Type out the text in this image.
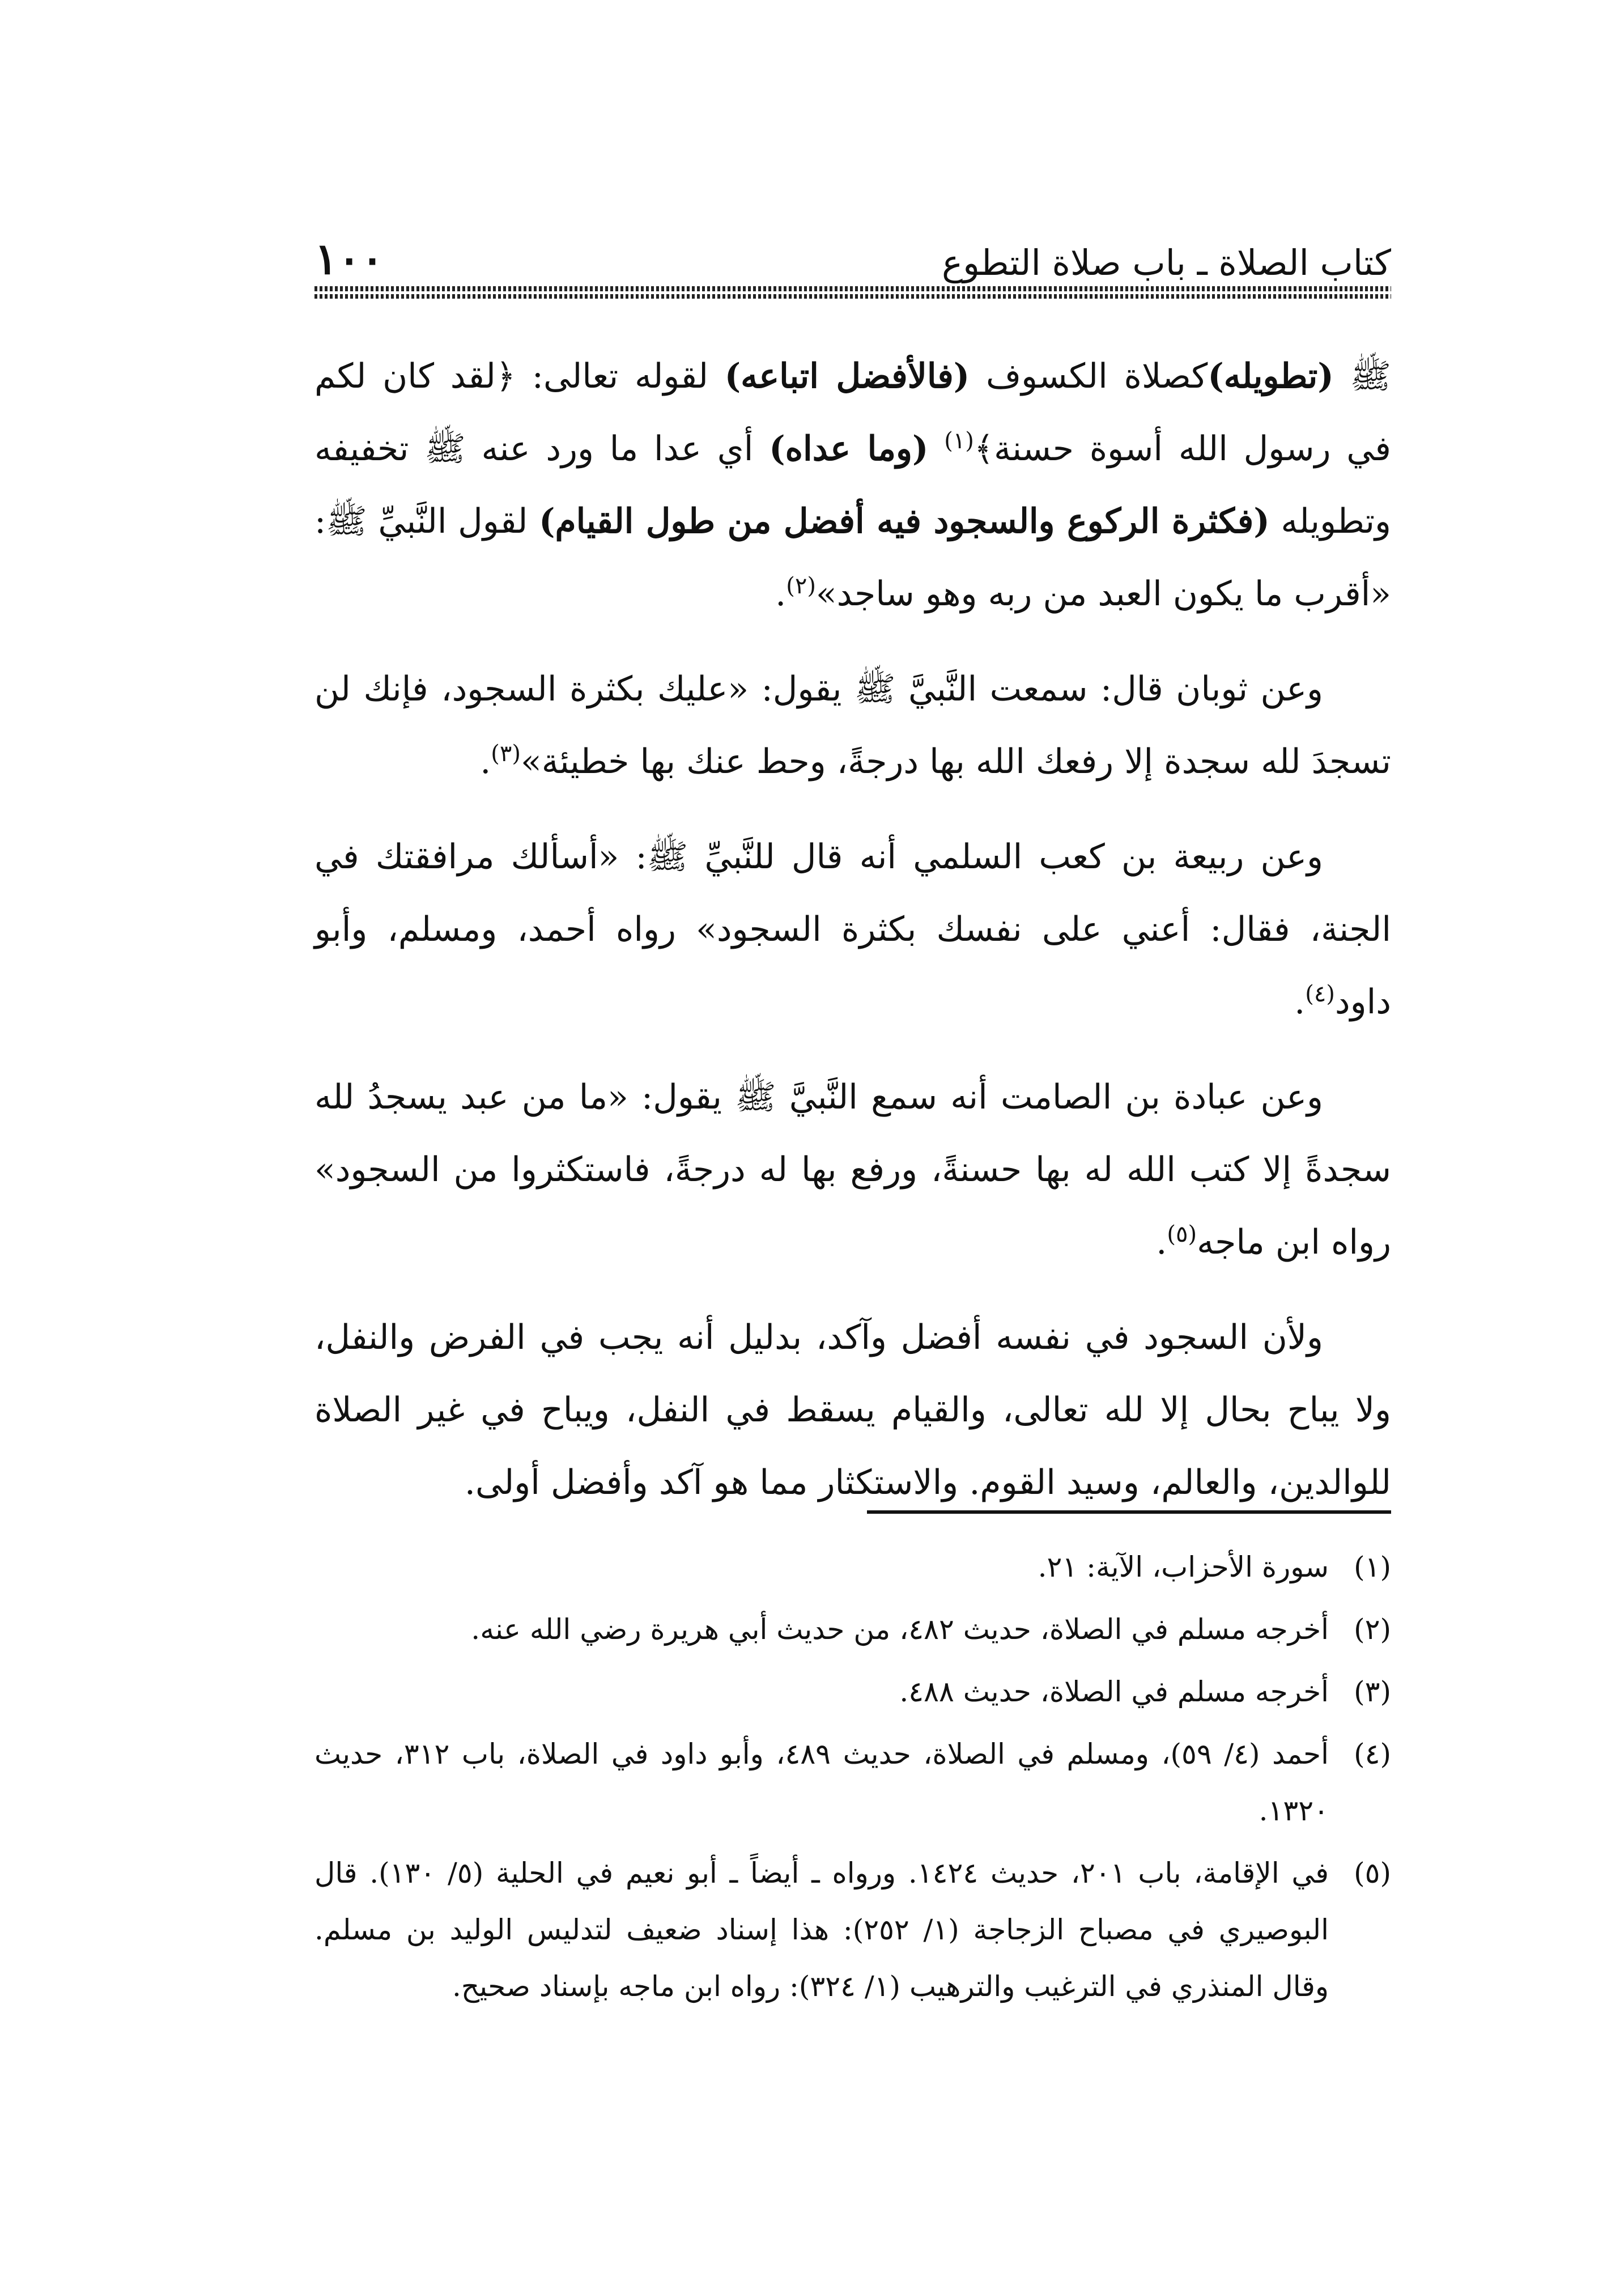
١٠٠	كتاب الصلاة ـ باب صلاة التطوع

ﷺ (تطويله)كصلاة الكسوف (فالأفضل اتباعه) لقوله تعالى: ﴿لقد كان لكم في رسول الله أسوة حسنة﴾$^{(١)}$ (وما عداه) أي عدا ما ورد عنه ﷺ تخفيفه وتطويله (فكثرة الركوع والسجود فيه أفضل من طول القيام) لقول النَّبيِّ ﷺ: «أقرب ما يكون العبد من ربه وهو ساجد»$^{(٢)}$.

وعن ثوبان قال: سمعت النَّبيَّ ﷺ يقول: «عليك بكثرة السجود، فإنك لن تسجدَ لله سجدة إلا رفعك الله بها درجةً، وحط عنك بها خطيئة»$^{(٣)}$.

وعن ربيعة بن كعب السلمي أنه قال للنَّبيِّ ﷺ: «أسألك مرافقتك في الجنة، فقال: أعني على نفسك بكثرة السجود» رواه أحمد، ومسلم، وأبو داود$^{(٤)}$.

وعن عبادة بن الصامت أنه سمع النَّبيَّ ﷺ يقول: «ما من عبد يسجدُ لله سجدةً إلا كتب الله له بها حسنةً، ورفع بها له درجةً، فاستكثروا من السجود» رواه ابن ماجه$^{(٥)}$.

ولأن السجود في نفسه أفضل وآكد، بدليل أنه يجب في الفرض والنفل، ولا يباح بحال إلا لله تعالى، والقيام يسقط في النفل، ويباح في غير الصلاة للوالدين، والعالم، وسيد القوم. والاستكثار مما هو آكد وأفضل أولى.

(١)
سورة الأحزاب، الآية: ٢١.
(٢)
أخرجه مسلم في الصلاة، حديث ٤٨٢، من حديث أبي هريرة رضي الله عنه.
(٣)
أخرجه مسلم في الصلاة، حديث ٤٨٨.
(٤)
أحمد (٤/ ٥٩)، ومسلم في الصلاة، حديث ٤٨٩، وأبو داود في الصلاة، باب ٣١٢، حديث ١٣٢٠.
(٥)
في الإقامة، باب ٢٠١، حديث ١٤٢٤. ورواه ـ أيضاً ـ أبو نعيم في الحلية (٥/ ١٣٠). قال البوصيري في مصباح الزجاجة (١/ ٢٥٢): هذا إسناد ضعيف لتدليس الوليد بن مسلم. وقال المنذري في الترغيب والترهيب (١/ ٣٢٤): رواه ابن ماجه بإسناد صحيح.
